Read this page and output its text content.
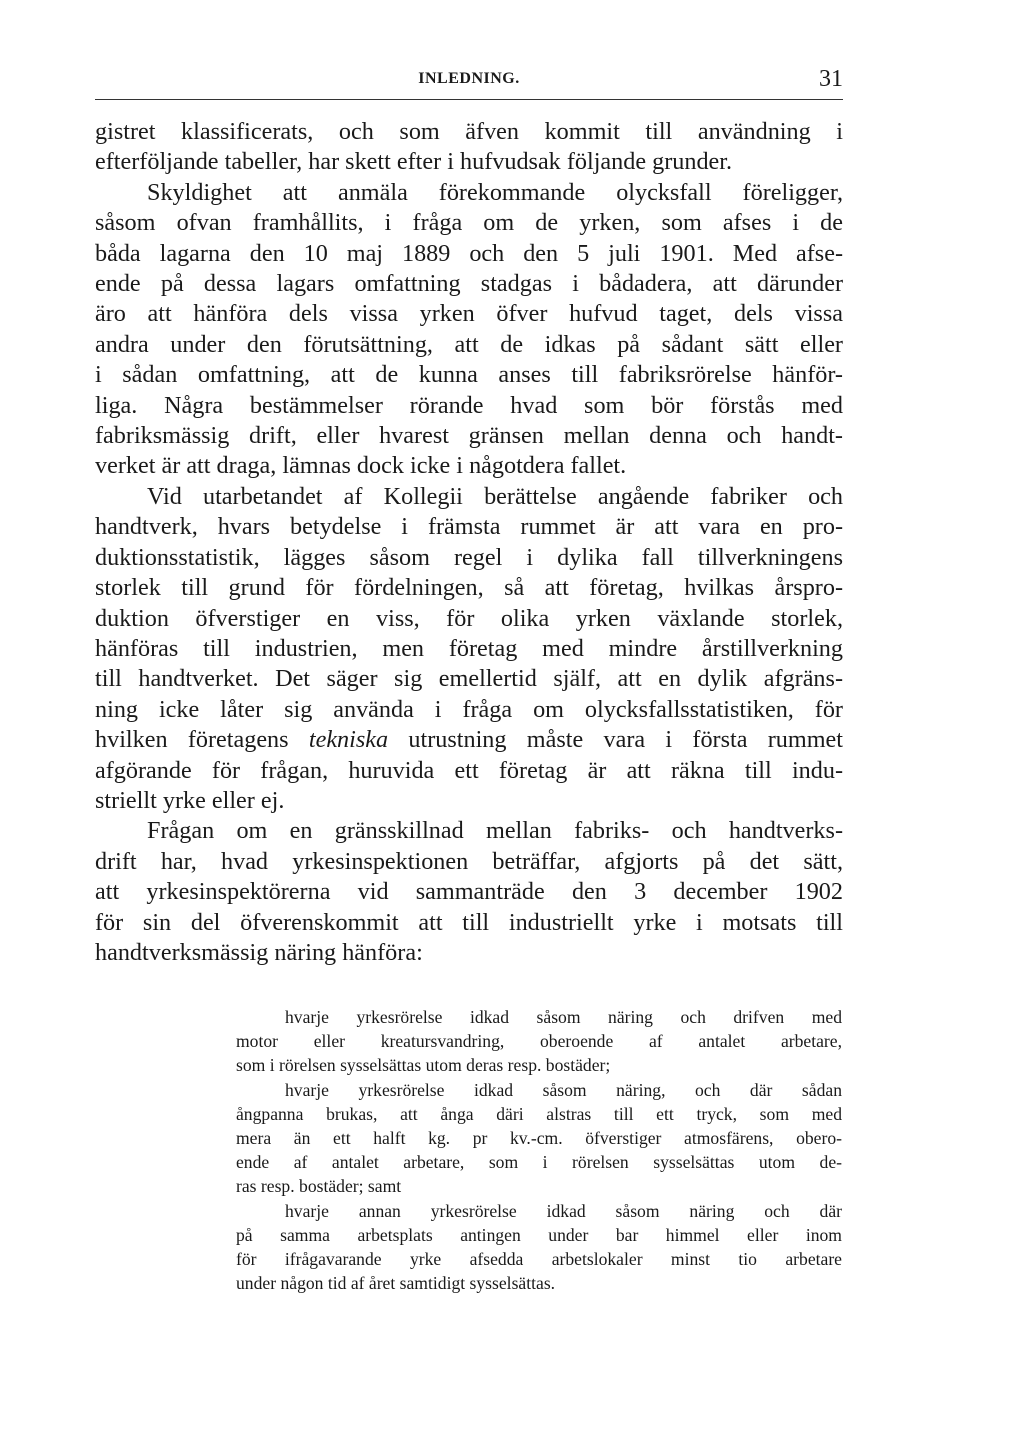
INLEDNING.	31

gistret klassificerats, och som äfven kommit till användning i
efterföljande tabeller, har skett efter i hufvudsak följande grunder.

Skyldighet att anmäla förekommande olycksfall föreligger,
såsom ofvan framhållits, i fråga om de yrken, som afses i de
båda lagarna den 10 maj 1889 och den 5 juli 1901. Med afse-
ende på dessa lagars omfattning stadgas i bådadera, att därunder
äro att hänföra dels vissa yrken öfver hufvud taget, dels vissa
andra under den förutsättning, att de idkas på sådant sätt eller
i sådan omfattning, att de kunna anses till fabriksrörelse hänför-
liga. Några bestämmelser rörande hvad som bör förstås med
fabriksmässig drift, eller hvarest gränsen mellan denna och handt-
verket är att draga, lämnas dock icke i någotdera fallet.

Vid utarbetandet af Kollegii berättelse angående fabriker och
handtverk, hvars betydelse i främsta rummet är att vara en pro-
duktionsstatistik, lägges såsom regel i dylika fall tillverkningens
storlek till grund för fördelningen, så att företag, hvilkas årspro-
duktion öfverstiger en viss, för olika yrken växlande storlek,
hänföras till industrien, men företag med mindre årstillverkning
till handtverket. Det säger sig emellertid själf, att en dylik afgräns-
ning icke låter sig använda i fråga om olycksfallsstatistiken, för
hvilken företagens tekniska utrustning måste vara i första rummet
afgörande för frågan, huruvida ett företag är att räkna till indu-
striellt yrke eller ej.

Frågan om en gränsskillnad mellan fabriks- och handtverks-
drift har, hvad yrkesinspektionen beträffar, afgjorts på det sätt,
att yrkesinspektörerna vid sammanträde den 3 december 1902
för sin del öfverenskommit att till industriellt yrke i motsats till
handtverksmässig näring hänföra:

hvarje yrkesrörelse idkad såsom näring och drifven med
motor eller kreatursvandring, oberoende af antalet arbetare,
som i rörelsen sysselsättas utom deras resp. bostäder;

hvarje yrkesrörelse idkad såsom näring, och där sådan
ångpanna brukas, att ånga däri alstras till ett tryck, som med
mera än ett halft kg. pr kv.-cm. öfverstiger atmosfärens, obero-
ende af antalet arbetare, som i rörelsen sysselsättas utom de-
ras resp. bostäder; samt

hvarje annan yrkesrörelse idkad såsom näring och där
på samma arbetsplats antingen under bar himmel eller inom
för ifrågavarande yrke afsedda arbetslokaler minst tio arbetare
under någon tid af året samtidigt sysselsättas.
